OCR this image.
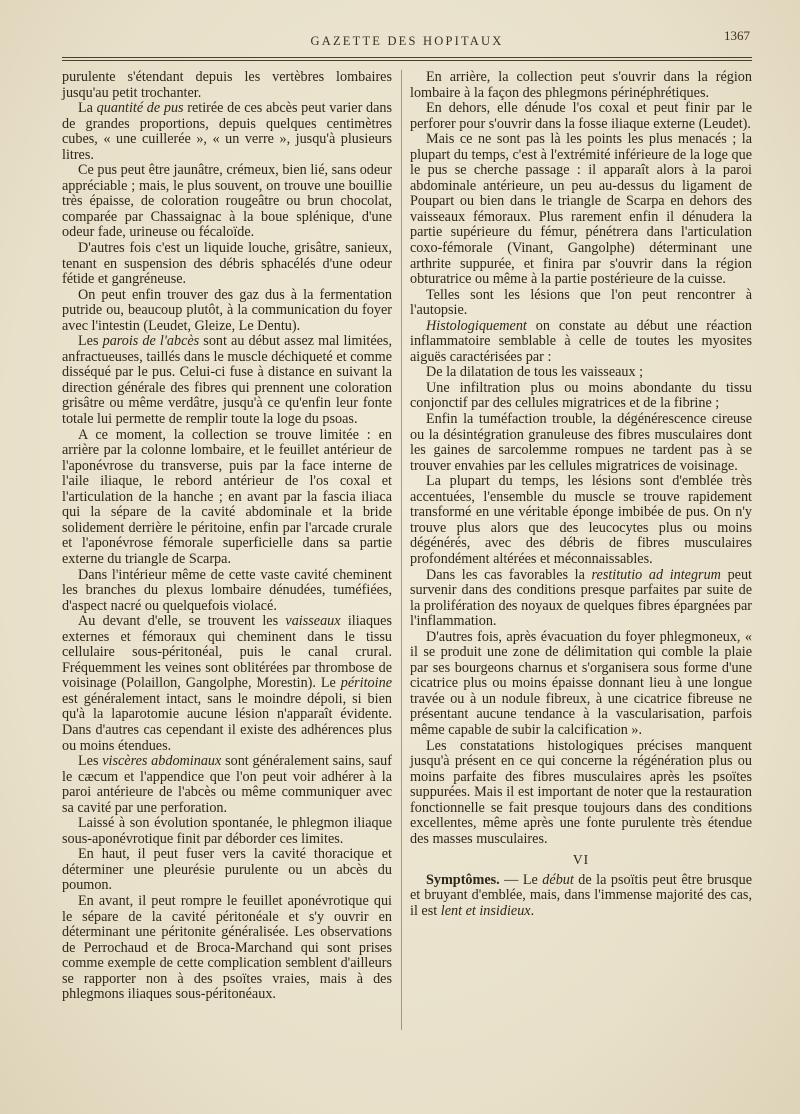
GAZETTE DES HOPITAUX	1367

purulente s'étendant depuis les vertèbres lombaires jusqu'au petit trochanter.

La quantité de pus retirée de ces abcès peut varier dans de grandes proportions, depuis quelques centimètres cubes, « une cuillerée », « un verre », jusqu'à plusieurs litres.

Ce pus peut être jaunâtre, crémeux, bien lié, sans odeur appréciable ; mais, le plus souvent, on trouve une bouillie très épaisse, de coloration rougeâtre ou brun chocolat, comparée par Chassaignac à la boue splénique, d'une odeur fade, urineuse ou fécaloïde.

D'autres fois c'est un liquide louche, grisâtre, sanieux, tenant en suspension des débris sphacélés d'une odeur fétide et gangréneuse.

On peut enfin trouver des gaz dus à la fermentation putride ou, beaucoup plutôt, à la communication du foyer avec l'intestin (Leudet, Gleize, Le Dentu).

Les parois de l'abcès sont au début assez mal limitées, anfractueuses, taillés dans le muscle déchiqueté et comme disséqué par le pus. Celui-ci fuse à distance en suivant la direction générale des fibres qui prennent une coloration grisâtre ou même verdâtre, jusqu'à ce qu'enfin leur fonte totale lui permette de remplir toute la loge du psoas.

A ce moment, la collection se trouve limitée : en arrière par la colonne lombaire, et le feuillet antérieur de l'aponévrose du transverse, puis par la face interne de l'aile iliaque, le rebord antérieur de l'os coxal et l'articulation de la hanche ; en avant par la fascia iliaca qui la sépare de la cavité abdominale et la bride solidement derrière le péritoine, enfin par l'arcade crurale et l'aponévrose fémorale superficielle dans sa partie externe du triangle de Scarpa.

Dans l'intérieur même de cette vaste cavité cheminent les branches du plexus lombaire dénudées, tuméfiées, d'aspect nacré ou quelquefois violacé.

Au devant d'elle, se trouvent les vaisseaux iliaques externes et fémoraux qui cheminent dans le tissu cellulaire sous-péritonéal, puis le canal crural. Fréquemment les veines sont oblitérées par thrombose de voisinage (Polaillon, Gangolphe, Morestin). Le péritoine est généralement intact, sans le moindre dépoli, si bien qu'à la laparotomie aucune lésion n'apparaît évidente. Dans d'autres cas cependant il existe des adhérences plus ou moins étendues.

Les viscères abdominaux sont généralement sains, sauf le cæcum et l'appendice que l'on peut voir adhérer à la paroi antérieure de l'abcès ou même communiquer avec sa cavité par une perforation.

Laissé à son évolution spontanée, le phlegmon iliaque sous-aponévrotique finit par déborder ces limites.

En haut, il peut fuser vers la cavité thoracique et déterminer une pleurésie purulente ou un abcès du poumon.

En avant, il peut rompre le feuillet aponévrotique qui le sépare de la cavité péritonéale et s'y ouvrir en déterminant une péritonite généralisée. Les observations de Perrochaud et de Broca-Marchand qui sont prises comme exemple de cette complication semblent d'ailleurs se rapporter non à des psoïtes vraies, mais à des phlegmons iliaques sous-péritonéaux.

En arrière, la collection peut s'ouvrir dans la région lombaire à la façon des phlegmons périnéphrétiques.

En dehors, elle dénude l'os coxal et peut finir par le perforer pour s'ouvrir dans la fosse iliaque externe (Leudet).

Mais ce ne sont pas là les points les plus menacés ; la plupart du temps, c'est à l'extrémité inférieure de la loge que le pus se cherche passage : il apparaît alors à la paroi abdominale antérieure, un peu au-dessus du ligament de Poupart ou bien dans le triangle de Scarpa en dehors des vaisseaux fémoraux. Plus rarement enfin il dénudera la partie supérieure du fémur, pénétrera dans l'articulation coxo-fémorale (Vinant, Gangolphe) déterminant une arthrite suppurée, et finira par s'ouvrir dans la région obturatrice ou même à la partie postérieure de la cuisse.

Telles sont les lésions que l'on peut rencontrer à l'autopsie.

Histologiquement on constate au début une réaction inflammatoire semblable à celle de toutes les myosites aiguës caractérisées par :

De la dilatation de tous les vaisseaux ;

Une infiltration plus ou moins abondante du tissu conjonctif par des cellules migratrices et de la fibrine ;

Enfin la tuméfaction trouble, la dégénérescence cireuse ou la désintégration granuleuse des fibres musculaires dont les gaines de sarcolemme rompues ne tardent pas à se trouver envahies par les cellules migratrices de voisinage.

La plupart du temps, les lésions sont d'emblée très accentuées, l'ensemble du muscle se trouve rapidement transformé en une véritable éponge imbibée de pus. On n'y trouve plus alors que des leucocytes plus ou moins dégénérés, avec des débris de fibres musculaires profondément altérées et méconnaissables.

Dans les cas favorables la restitutio ad integrum peut survenir dans des conditions presque parfaites par suite de la prolifération des noyaux de quelques fibres épargnées par l'inflammation.

D'autres fois, après évacuation du foyer phlegmoneux, « il se produit une zone de délimitation qui comble la plaie par ses bourgeons charnus et s'organisera sous forme d'une cicatrice plus ou moins épaisse donnant lieu à une longue travée ou à un nodule fibreux, à une cicatrice fibreuse ne présentant aucune tendance à la vascularisation, parfois même capable de subir la calcification ».

Les constatations histologiques précises manquent jusqu'à présent en ce qui concerne la régénération plus ou moins parfaite des fibres musculaires après les psoïtes suppurées. Mais il est important de noter que la restauration fonctionnelle se fait presque toujours dans des conditions excellentes, même après une fonte purulente très étendue des masses musculaires.

VI

Symptômes. — Le début de la psoïtis peut être brusque et bruyant d'emblée, mais, dans l'immense majorité des cas, il est lent et insidieux.
